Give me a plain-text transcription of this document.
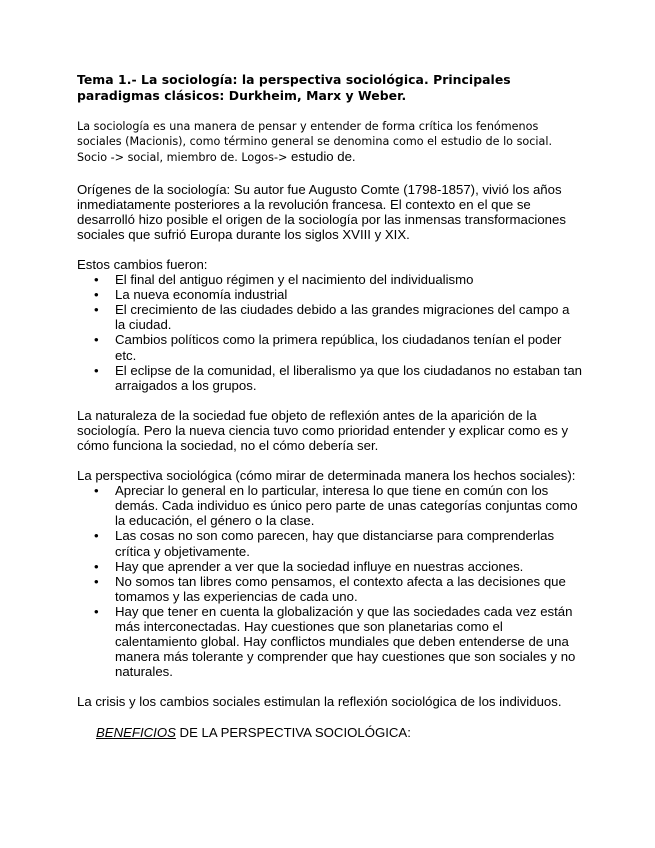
Tema 1.- La sociología: la perspectiva sociológica. Principales paradigmas clásicos: Durkheim, Marx y Weber.
La sociología es una manera de pensar y entender de forma crítica los fenómenos sociales (Macionis), como término general se denomina como el estudio de lo social. Socio -> social, miembro de. Logos-> estudio de.

Orígenes de la sociología: Su autor fue Augusto Comte (1798-1857), vivió los años inmediatamente posteriores a la revolución francesa. El contexto en el que se desarrolló hizo posible el origen de la sociología por las inmensas transformaciones sociales que sufrió Europa durante los siglos XVIII y XIX.

Estos cambios fueron:
• El final del antiguo régimen y el nacimiento del individualismo
• La nueva economía industrial
• El crecimiento de las ciudades debido a las grandes migraciones del campo a la ciudad.
• Cambios políticos como la primera república, los ciudadanos tenían el poder etc.
• El eclipse de la comunidad, el liberalismo ya que los ciudadanos no estaban tan arraigados a los grupos.

La naturaleza de la sociedad fue objeto de reflexión antes de la aparición de la sociología. Pero la nueva ciencia tuvo como prioridad entender y explicar como es y cómo funciona la sociedad, no el cómo debería ser.

La perspectiva sociológica (cómo mirar de determinada manera los hechos sociales):
• Apreciar lo general en lo particular, interesa lo que tiene en común con los demás. Cada individuo es único pero parte de unas categorías conjuntas como la educación, el género o la clase.
• Las cosas no son como parecen, hay que distanciarse para comprenderlas crítica y objetivamente.
• Hay que aprender a ver que la sociedad influye en nuestras acciones.
• No somos tan libres como pensamos, el contexto afecta a las decisiones que tomamos y las experiencias de cada uno.
• Hay que tener en cuenta la globalización y que las sociedades cada vez están más interconectadas. Hay cuestiones que son planetarias como el calentamiento global. Hay conflictos mundiales que deben entenderse de una manera más tolerante y comprender que hay cuestiones que son sociales y no naturales.

La crisis y los cambios sociales estimulan la reflexión sociológica de los individuos.

BENEFICIOS DE LA PERSPECTIVA SOCIOLÓGICA:
